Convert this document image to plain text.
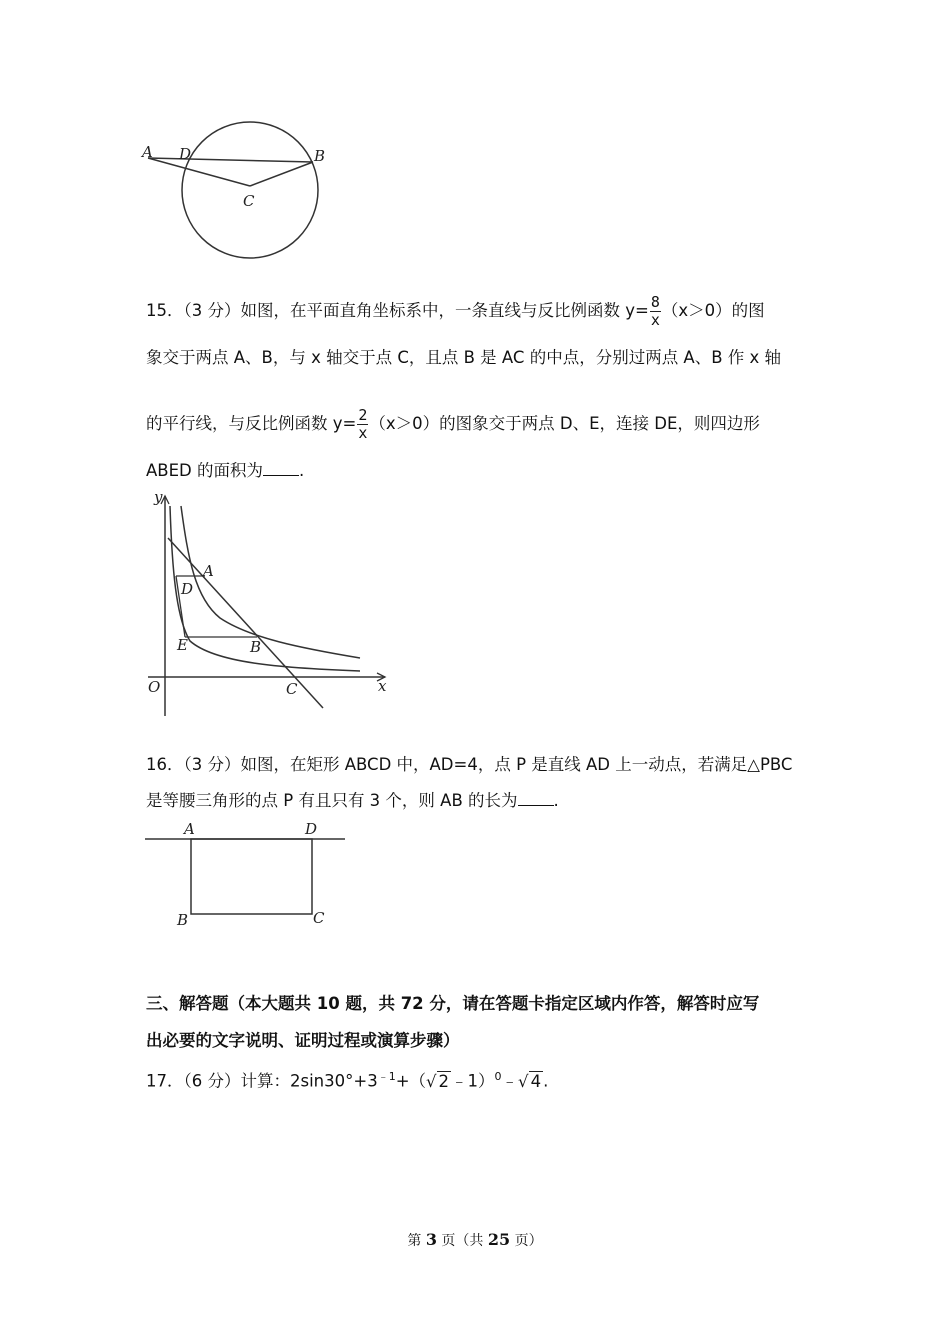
A D	B
C
15．（3 分）如图，在平面直角坐标系中，一条直线与反比例函数 $y= \frac{8}{x} (x>0)$的图
象交于两点 A、B，与 x 轴交于点 C，且点 B 是 AC 的中点，分别过两点 A、B 作 x 轴
的平行线，与反比例函数 $y= \frac{2}{x} (x>0)$的图象交于两点 D、E，连接 DE，则四边形
ABED 的面积为 .
y
A
D
E	B
O	C	x
16．（3 分）如图，在矩形 ABCD 中，AD=4，点 P 是直线 AD 上一动点，若满足△PBC
是等腰三角形的点 P 有且只有 3 个，则 AB 的长为 .
A	D
B	C
三、解答题（本大题共 10 题，共 72 分，请在答题卡指定区域内作答，解答时应写
出必要的文字说明、证明过程或演算步骤）
17．（6 分）计算：$2\sin 30^\circ+3^{﹣1}+(√$ 2 ﹣1）$^0$﹣√ 4 .
第 3 页（共 25 页）
